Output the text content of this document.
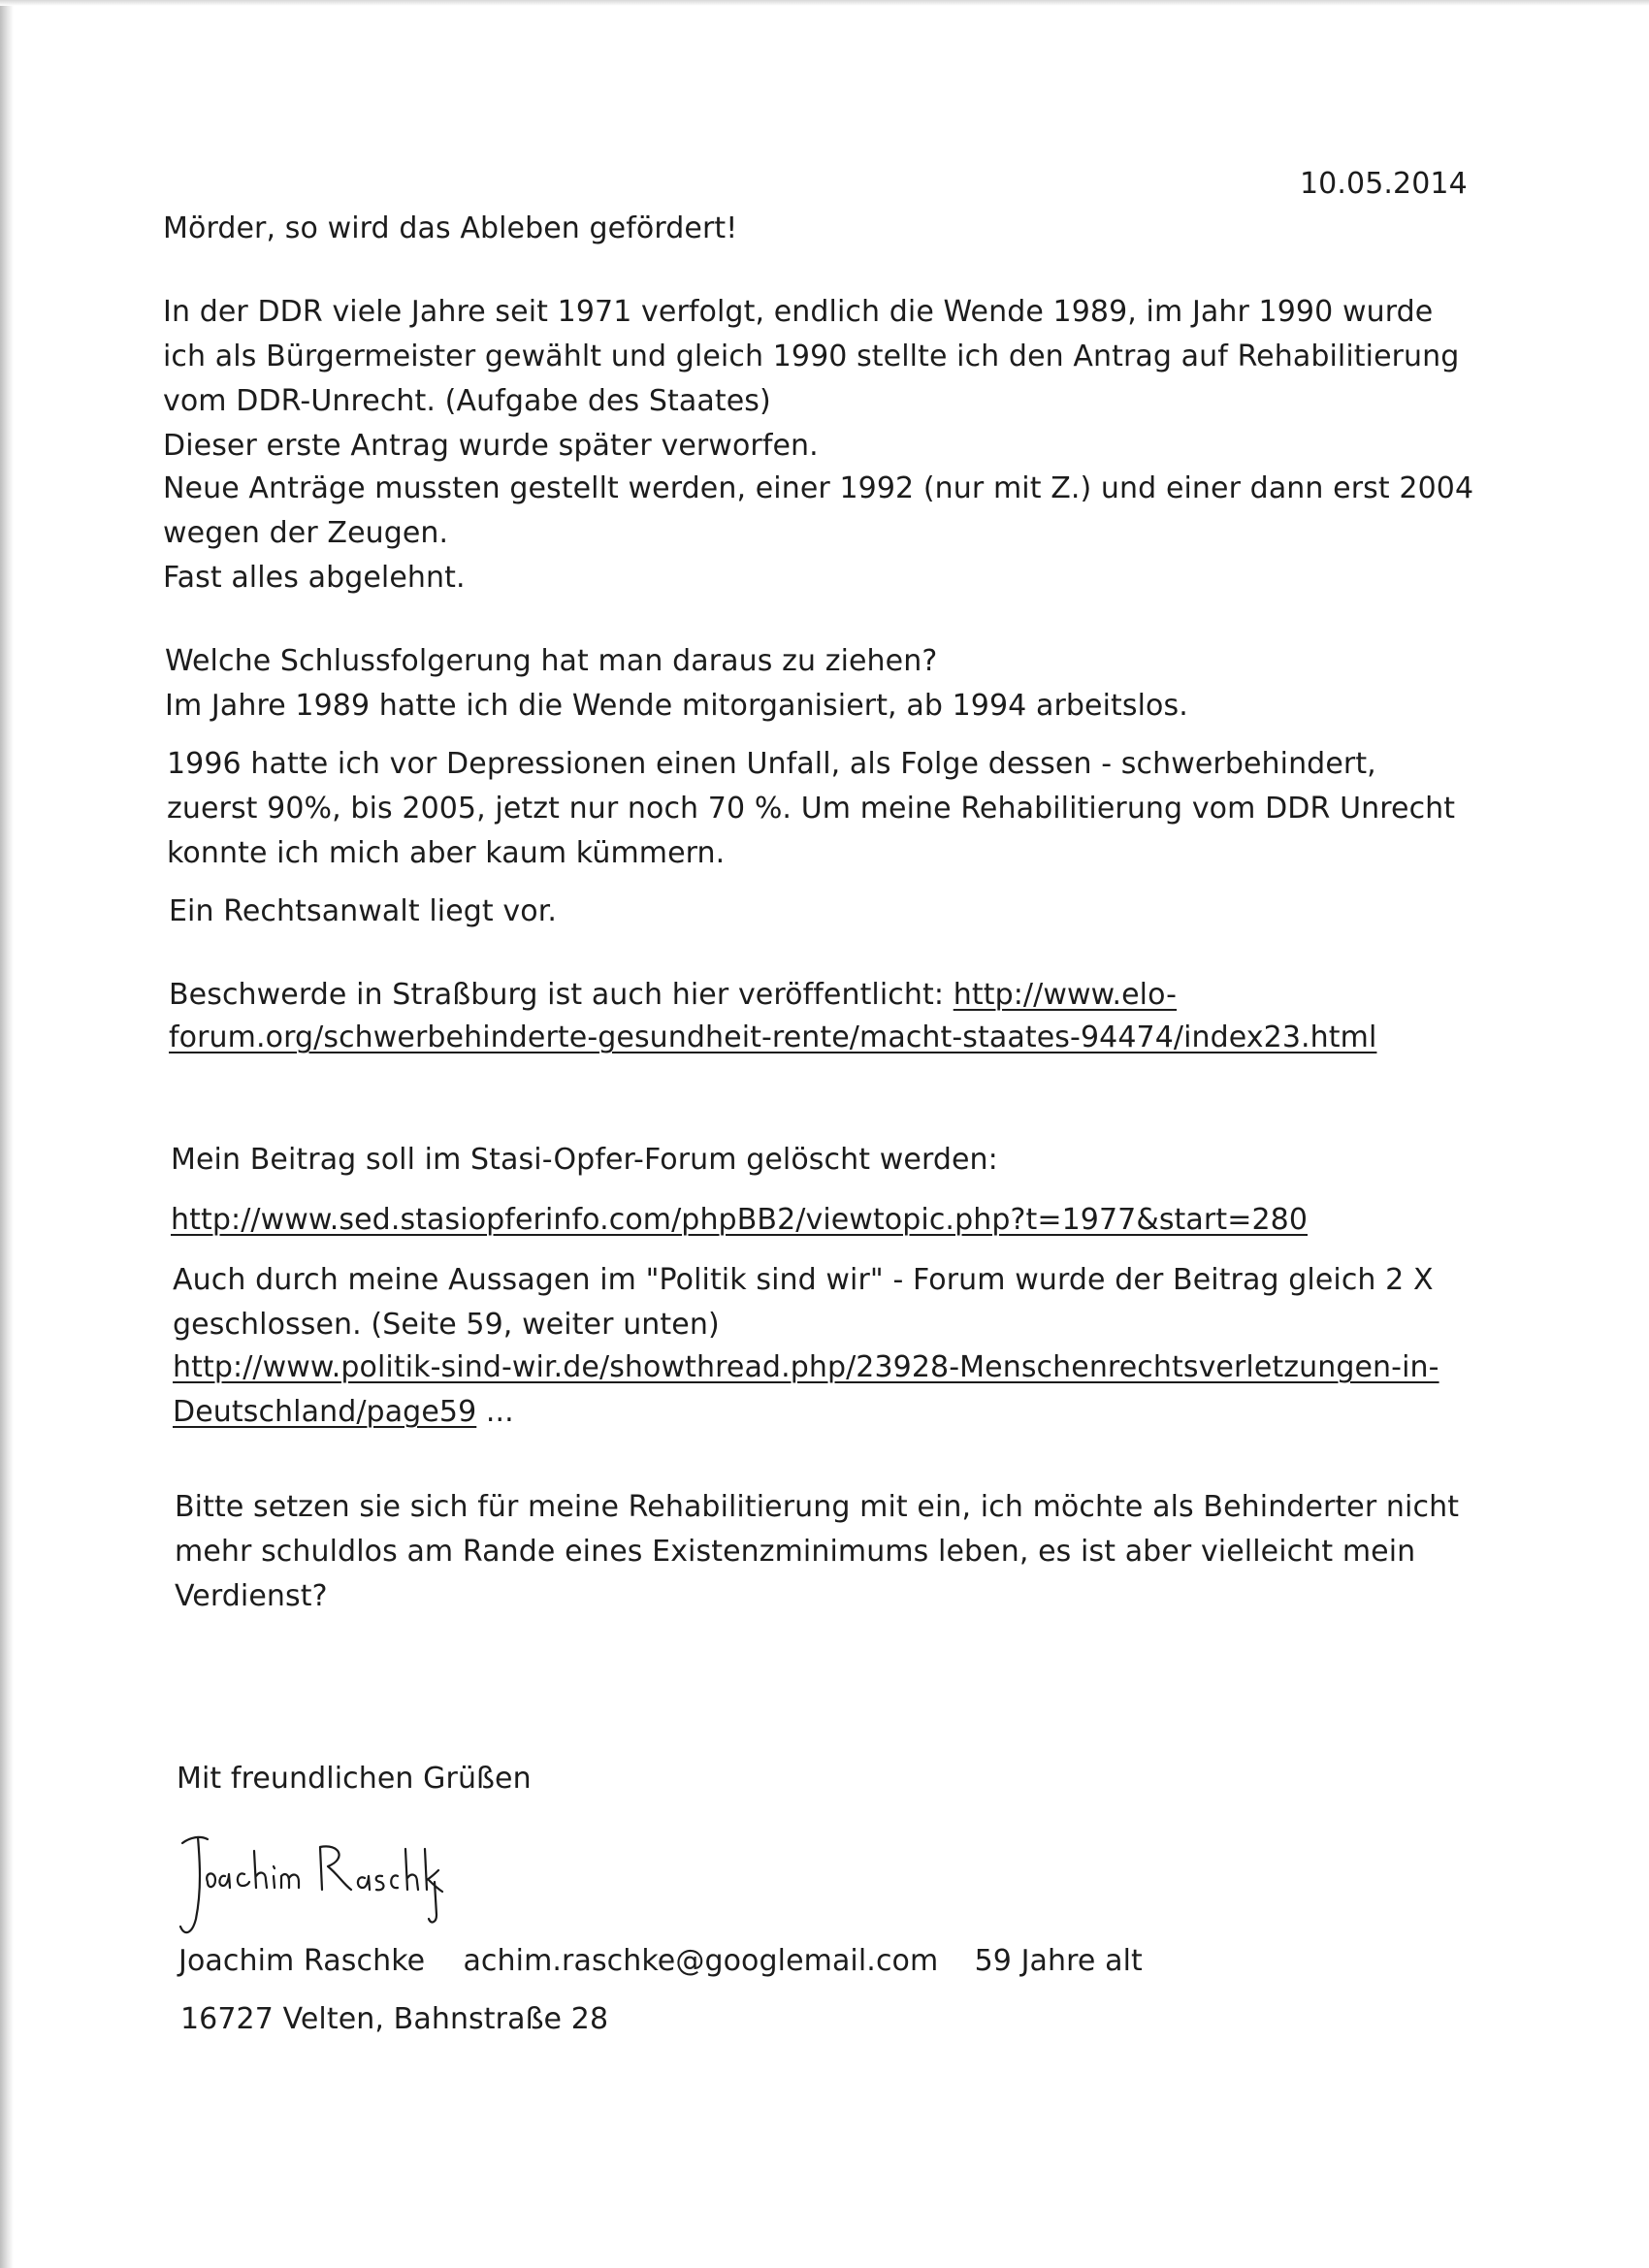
10.05.2014
Mörder, so wird das Ableben gefördert!
In der DDR viele Jahre seit 1971 verfolgt, endlich die Wende 1989, im Jahr 1990 wurde
ich als Bürgermeister gewählt und gleich 1990 stellte ich den Antrag auf Rehabilitierung
vom DDR-Unrecht. (Aufgabe des Staates)
Dieser erste Antrag wurde später verworfen.
Neue Anträge mussten gestellt werden, einer 1992 (nur mit Z.) und einer dann erst 2004
wegen der Zeugen.
Fast alles abgelehnt.
Welche Schlussfolgerung hat man daraus zu ziehen?
Im Jahre 1989 hatte ich die Wende mitorganisiert, ab 1994 arbeitslos.
1996 hatte ich vor Depressionen einen Unfall, als Folge dessen - schwerbehindert,
zuerst 90%, bis 2005, jetzt nur noch 70 %. Um meine Rehabilitierung vom DDR Unrecht
konnte ich mich aber kaum kümmern.
Ein Rechtsanwalt liegt vor.
Beschwerde in Straßburg ist auch hier veröffentlicht: http://www.elo-
forum.org/schwerbehinderte-gesundheit-rente/macht-staates-94474/index23.html
Mein Beitrag soll im Stasi-Opfer-Forum gelöscht werden:
http://www.sed.stasiopferinfo.com/phpBB2/viewtopic.php?t=1977&start=280
Auch durch meine Aussagen im "Politik sind wir" - Forum wurde der Beitrag gleich 2 X
geschlossen. (Seite 59, weiter unten)
http://www.politik-sind-wir.de/showthread.php/23928-Menschenrechtsverletzungen-in-
Deutschland/page59 ...
Bitte setzen sie sich für meine Rehabilitierung mit ein, ich möchte als Behinderter nicht
mehr schuldlos am Rande eines Existenzminimums leben, es ist aber vielleicht mein
Verdienst?
Mit freundlichen Grüßen
Joachim Raschke achim.raschke@googlemail.com 59 Jahre alt
16727 Velten, Bahnstraße 28
